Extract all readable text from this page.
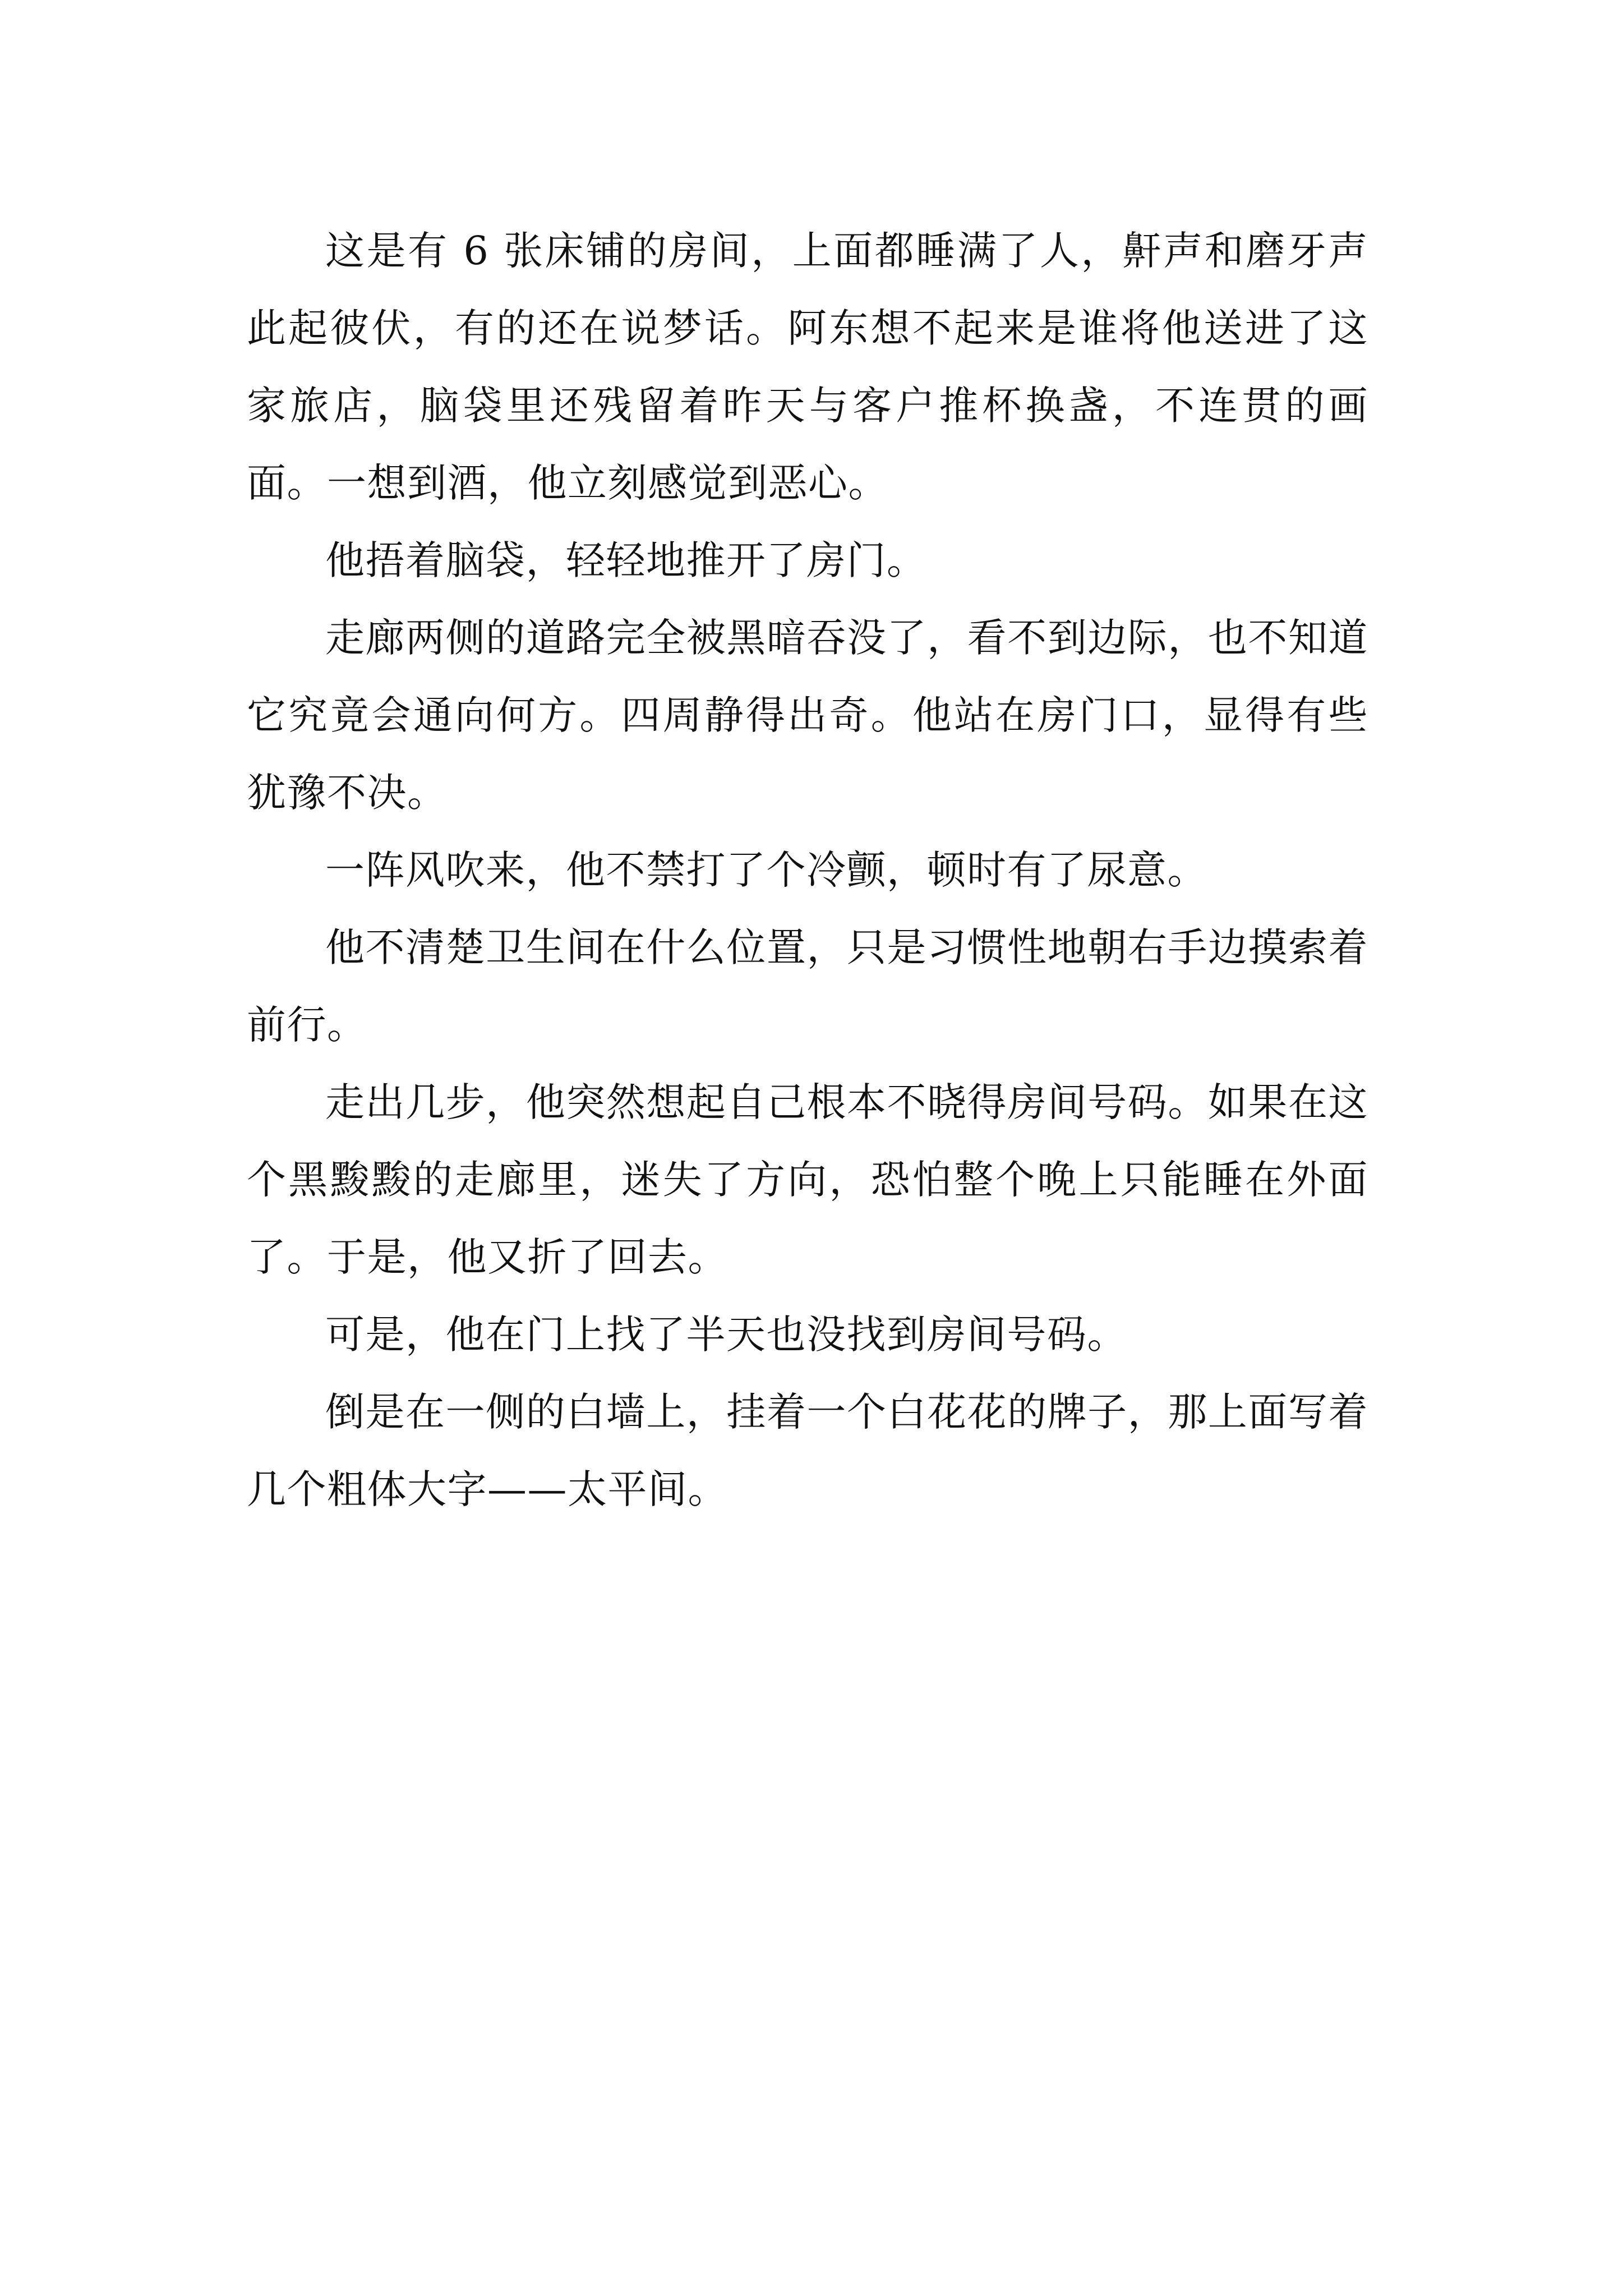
这是有 6 张床铺的房间，上面都睡满了人，鼾声和磨牙声此起彼伏，有的还在说梦话。阿东想不起来是谁将他送进了这家旅店，脑袋里还残留着昨天与客户推杯换盏，不连贯的画面。一想到酒，他立刻感觉到恶心。

他捂着脑袋，轻轻地推开了房门。

走廊两侧的道路完全被黑暗吞没了，看不到边际，也不知道它究竟会通向何方。四周静得出奇。他站在房门口，显得有些犹豫不决。

一阵风吹来，他不禁打了个冷颤，顿时有了尿意。

他不清楚卫生间在什么位置，只是习惯性地朝右手边摸索着前行。

走出几步，他突然想起自己根本不晓得房间号码。如果在这个黑黢黢的走廊里，迷失了方向，恐怕整个晚上只能睡在外面了。于是，他又折了回去。

可是，他在门上找了半天也没找到房间号码。

倒是在一侧的白墙上，挂着一个白花花的牌子，那上面写着几个粗体大字——太平间。
